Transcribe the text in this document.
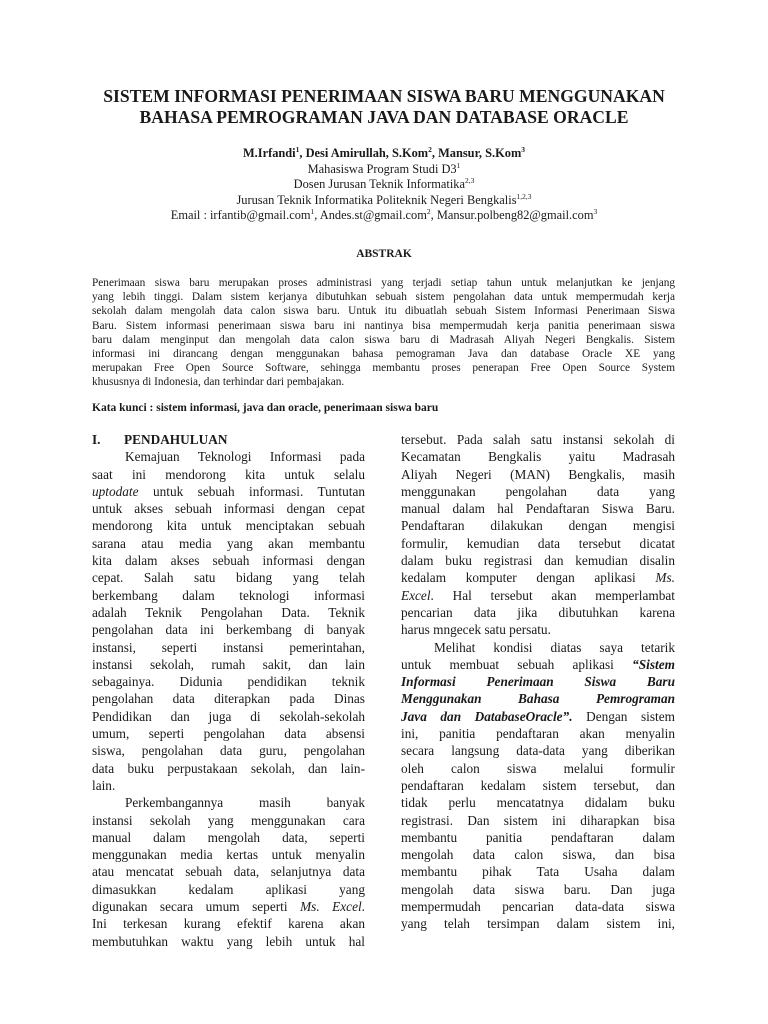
SISTEM INFORMASI PENERIMAAN SISWA BARU MENGGUNAKAN
BAHASA PEMROGRAMAN JAVA DAN DATABASE ORACLE
M.Irfandi$^1$, Desi Amirullah, S.Kom$^2$, Mansur, S.Kom$^3$
Mahasiswa Program Studi $D3^1$
Dosen Jurusan Teknik Informatika$^{2,3}$
Jurusan Teknik Informatika Politeknik Negeri Bengkalis$^{1,2,3}$
Email : irfantib@gmail.com$^1$, Andes.st@gmail.com$^2$, Mansur.polbeng82@gmail.com$^3$
ABSTRAK
Penerimaan siswa baru merupakan proses administrasi yang terjadi setiap tahun untuk melanjutkan ke jenjang
yang lebih tinggi. Dalam sistem kerjanya dibutuhkan sebuah sistem pengolahan data untuk mempermudah kerja
sekolah dalam mengolah data calon siswa baru. Untuk itu dibuatlah sebuah Sistem Informasi Penerimaan Siswa
Baru. Sistem informasi penerimaan siswa baru ini nantinya bisa mempermudah kerja panitia penerimaan siswa
baru dalam menginput dan mengolah data calon siswa baru di Madrasah Aliyah Negeri Bengkalis. Sistem
informasi ini dirancang dengan menggunakan bahasa pemograman Java dan database Oracle XE yang
merupakan Free Open Source Software, sehingga membantu proses penerapan Free Open Source System
khususnya di Indonesia, dan terhindar dari pembajakan.
Kata kunci : sistem informasi, java dan oracle, penerimaan siswa baru
I. PENDAHULUAN
Kemajuan Teknologi Informasi pada
saat ini mendorong kita untuk selalu
uptodate untuk sebuah informasi. Tuntutan
untuk akses sebuah informasi dengan cepat
mendorong kita untuk menciptakan sebuah
sarana atau media yang akan membantu
kita dalam akses sebuah informasi dengan
cepat. Salah satu bidang yang telah
berkembang dalam teknologi informasi
adalah Teknik Pengolahan Data. Teknik
pengolahan data ini berkembang di banyak
instansi, seperti instansi pemerintahan,
instansi sekolah, rumah sakit, dan lain
sebagainya. Didunia pendidikan teknik
pengolahan data diterapkan pada Dinas
Pendidikan dan juga di sekolah-sekolah
umum, seperti pengolahan data absensi
siswa, pengolahan data guru, pengolahan
data buku perpustakaan sekolah, dan lain-
lain.
Perkembangannya masih banyak
instansi sekolah yang menggunakan cara
manual dalam mengolah data, seperti
menggunakan media kertas untuk menyalin
atau mencatat sebuah data, selanjutnya data
dimasukkan kedalam aplikasi yang
digunakan secara umum seperti Ms. Excel.
Ini terkesan kurang efektif karena akan
membutuhkan waktu yang lebih untuk hal
tersebut. Pada salah satu instansi sekolah di
Kecamatan Bengkalis yaitu Madrasah
Aliyah Negeri (MAN) Bengkalis, masih
menggunakan pengolahan data yang
manual dalam hal Pendaftaran Siswa Baru.
Pendaftaran dilakukan dengan mengisi
formulir, kemudian data tersebut dicatat
dalam buku registrasi dan kemudian disalin
kedalam komputer dengan aplikasi Ms.
Excel. Hal tersebut akan memperlambat
pencarian data jika dibutuhkan karena
harus mngecek satu persatu.
Melihat kondisi diatas saya tetarik
untuk membuat sebuah aplikasi “Sistem
Informasi Penerimaan Siswa Baru
Menggunakan Bahasa Pemrograman
Java dan DatabaseOracle”. Dengan sistem
ini, panitia pendaftaran akan menyalin
secara langsung data-data yang diberikan
oleh calon siswa melalui formulir
pendaftaran kedalam sistem tersebut, dan
tidak perlu mencatatnya didalam buku
registrasi. Dan sistem ini diharapkan bisa
membantu panitia pendaftaran dalam
mengolah data calon siswa, dan bisa
membantu pihak Tata Usaha dalam
mengolah data siswa baru. Dan juga
mempermudah pencarian data-data siswa
yang telah tersimpan dalam sistem ini,
